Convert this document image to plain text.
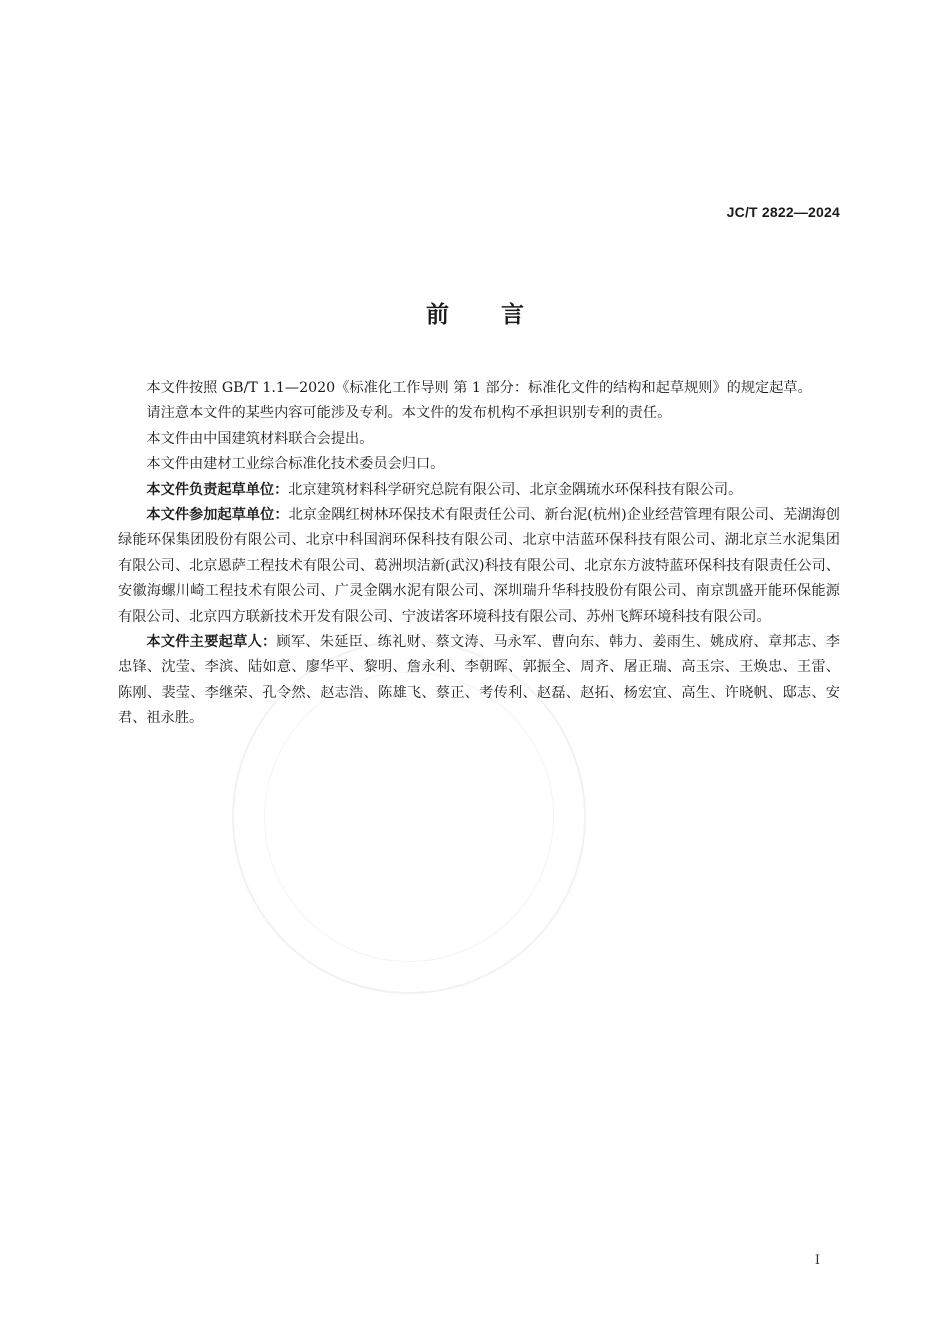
JC/T 2822—2024
前言

本文件按照 GB/T 1.1—2020《标准化工作导则 第 1 部分：标准化文件的结构和起草规则》的规定起草。

请注意本文件的某些内容可能涉及专利。本文件的发布机构不承担识别专利的责任。

本文件由中国建筑材料联合会提出。

本文件由建材工业综合标准化技术委员会归口。

本文件负责起草单位：北京建筑材料科学研究总院有限公司、北京金隅琉水环保科技有限公司。

本文件参加起草单位：北京金隅红树林环保技术有限责任公司、新台泥(杭州)企业经营管理有限公司、芜湖海创绿能环保集团股份有限公司、北京中科国润环保科技有限公司、北京中洁蓝环保科技有限公司、湖北京兰水泥集团有限公司、北京恩萨工程技术有限公司、葛洲坝洁新(武汉)科技有限公司、北京东方波特蓝环保科技有限责任公司、安徽海螺川崎工程技术有限公司、广灵金隅水泥有限公司、深圳瑞升华科技股份有限公司、南京凯盛开能环保能源有限公司、北京四方联新技术开发有限公司、宁波诺客环境科技有限公司、苏州飞辉环境科技有限公司。

本文件主要起草人：顾军、朱延臣、练礼财、蔡文涛、马永军、曹向东、韩力、姜雨生、姚成府、章邦志、李忠锋、沈莹、李滨、陆如意、廖华平、黎明、詹永利、李朝晖、郭振全、周齐、屠正瑞、高玉宗、王焕忠、王雷、陈刚、裴莹、李继荣、孔令然、赵志浩、陈雄飞、蔡正、考传利、赵磊、赵拓、杨宏宜、高生、许晓帆、邸志、安君、祖永胜。

I
